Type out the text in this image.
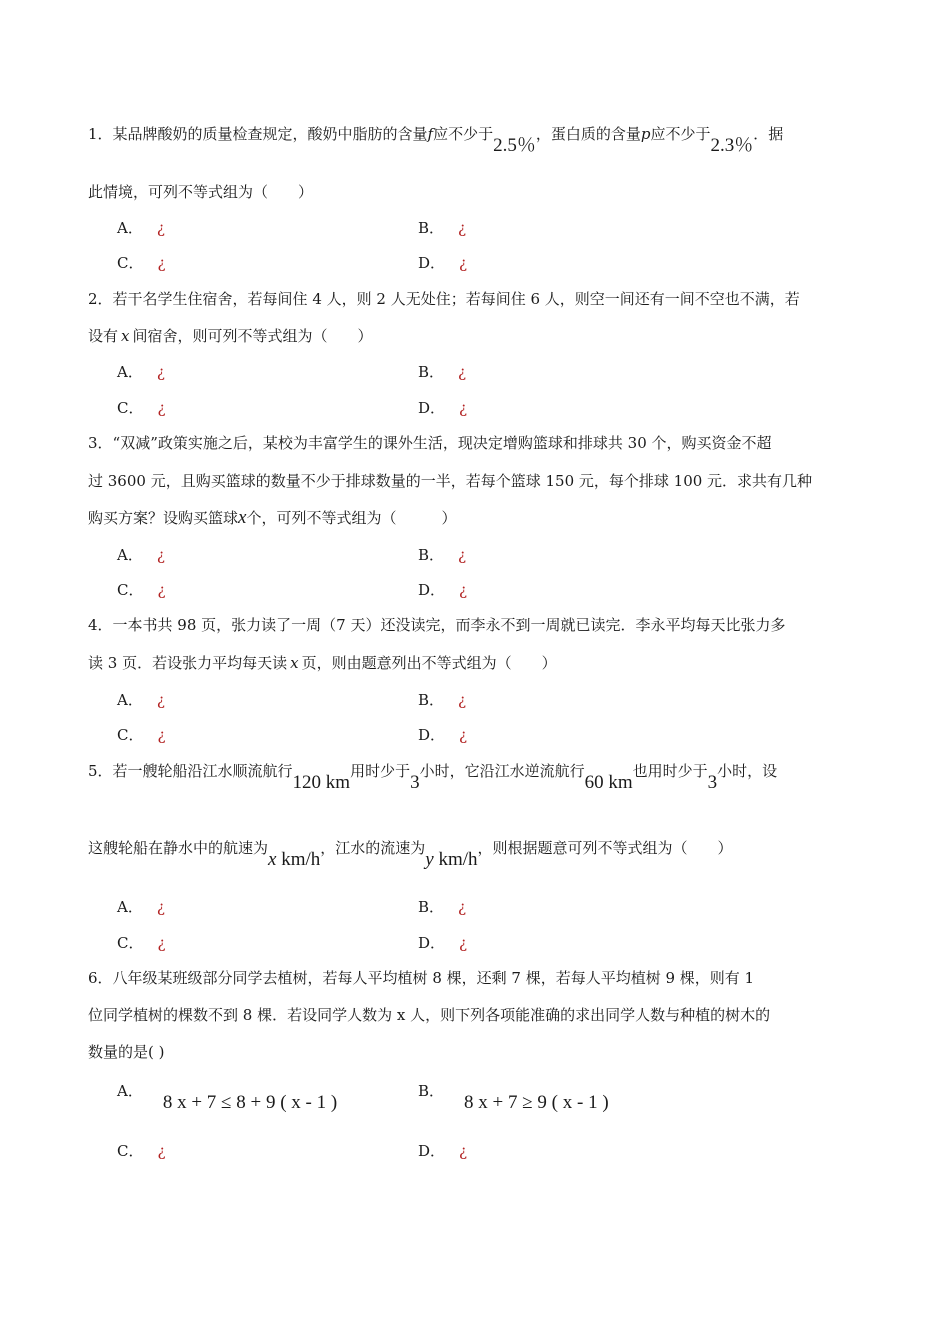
1．某品牌酸奶的质量检查规定，酸奶中脂肪的含量f应不少于2.5％，蛋白质的含量p应不少于2.3％．据
此情境，可列不等式组为（　　）
A． ¿	B． ¿
C． ¿	D． ¿
2．若干名学生住宿舍，若每间住 4 人，则 2 人无处住；若每间住 6 人，则空一间还有一间不空也不满，若
设有 x 间宿舍，则可列不等式组为（　　）
A． ¿	B． ¿
C． ¿	D． ¿
3．“双减”政策实施之后，某校为丰富学生的课外生活，现决定增购篮球和排球共 30 个，购买资金不超
过 3600 元，且购买篮球的数量不少于排球数量的一半，若每个篮球 150 元，每个排球 100 元．求共有几种
购买方案？设购买篮球x个，可列不等式组为（　　　）
A． ¿	B． ¿
C． ¿	D． ¿
4．一本书共 98 页，张力读了一周（7 天）还没读完，而李永不到一周就已读完．李永平均每天比张力多
读 3 页．若设张力平均每天读 x 页，则由题意列出不等式组为（　　）
A． ¿	B． ¿
C． ¿	D． ¿
5．若一艘轮船沿江水顺流航行120 km用时少于3小时，它沿江水逆流航行60 km也用时少于3小时，设
这艘轮船在静水中的航速为x km/h，江水的流速为y km/h，则根据题意可列不等式组为（　　）
A． ¿	B． ¿
C． ¿	D． ¿
6．八年级某班级部分同学去植树，若每人平均植树 8 棵，还剩 7 棵，若每人平均植树 9 棵，则有 1
位同学植树的棵数不到 8 棵．若设同学人数为 x 人，则下列各项能准确的求出同学人数与种植的树木的
数量的是( )
A．8 x + 7 ≤ 8 + 9 ( x - 1 )
B．8 x + 7 ≥ 9 ( x - 1 )
C． ¿	D． ¿
